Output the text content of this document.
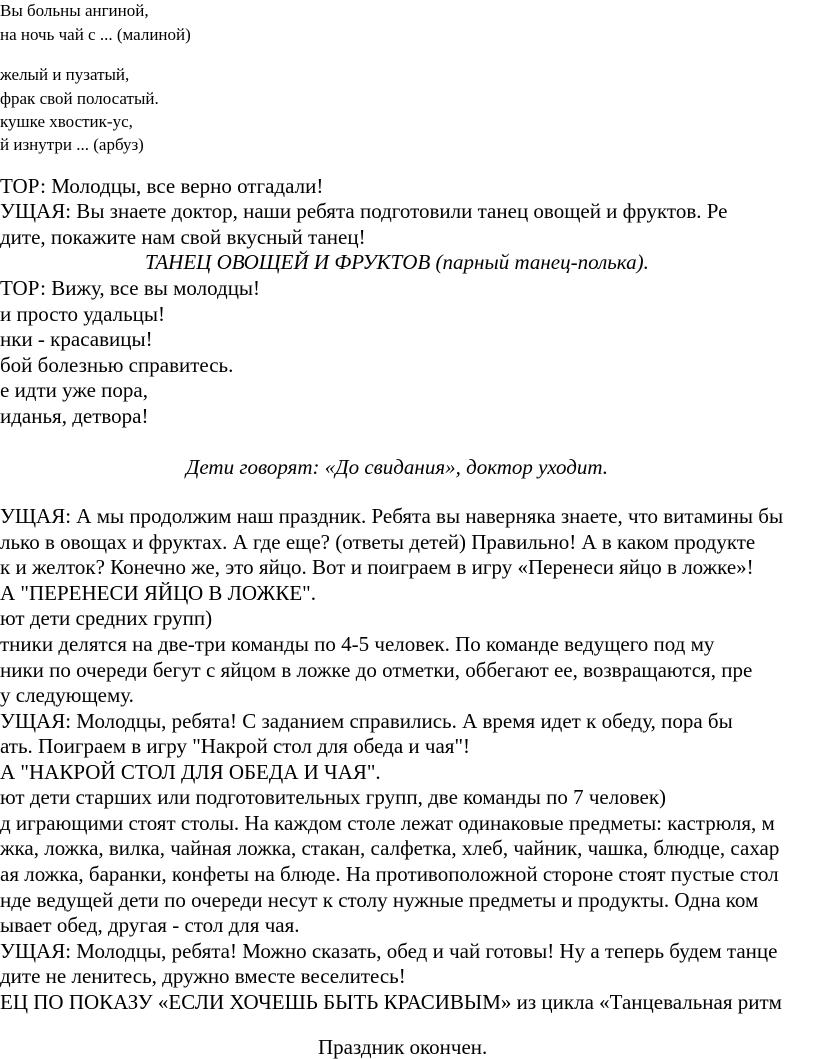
Вы больны ангиной,
на ночь чай с ... (малиной)
желый и пузатый,
фрак свой полосатый.
кушке хвостик-ус,
й изнутри ... (арбуз)
ТОР: Молодцы, все верно отгадали!
УЩАЯ: Вы знаете доктор, наши ребята подготовили танец овощей и фруктов. Ре
дите, покажите нам свой вкусный танец!
ТАНЕЦ ОВОЩЕЙ И ФРУКТОВ (парный танец-полька).
ТОР: Вижу, все вы молодцы!
и просто удальцы!
нки - красавицы!
бой болезнью справитесь.
е идти уже пора,
иданья, детвора!
Дети говорят: «До свидания», доктор уходит.
УЩАЯ: А мы продолжим наш праздник. Ребята вы наверняка знаете, что витамины бы
лько в овощах и фруктах. А где еще? (ответы детей) Правильно! А в каком продукте
к и желток? Конечно же, это яйцо. Вот и поиграем в игру «Перенеси яйцо в ложке»!
А "ПЕРЕНЕСИ ЯЙЦО В ЛОЖКЕ".
ют дети средних групп)
тники делятся на две-три команды по 4-5 человек. По команде ведущего под му
ники по очереди бегут с яйцом в ложке до отметки, оббегают ее, возвращаются, пре
у следующему.
УЩАЯ: Молодцы, ребята! С заданием справились. А время идет к обеду, пора бы
ать. Поиграем в игру "Накрой стол для обеда и чая"!
А "НАКРОЙ СТОЛ ДЛЯ ОБЕДА И ЧАЯ".
ют дети старших или подготовительных групп, две команды по 7 человек)
д играющими стоят столы. На каждом столе лежат одинаковые предметы: кастрюля, м
жка, ложка, вилка, чайная ложка, стакан, салфетка, хлеб, чайник, чашка, блюдце, сахар
ая ложка, баранки, конфеты на блюде. На противоположной стороне стоят пустые стол
нде ведущей дети по очереди несут к столу нужные предметы и продукты. Одна ком
ывает обед, другая - стол для чая.
УЩАЯ: Молодцы, ребята! Можно сказать, обед и чай готовы! Ну а теперь будем танце
дите не ленитесь, дружно вместе веселитесь!
ЕЦ ПО ПОКАЗУ «ЕСЛИ ХОЧЕШЬ БЫТЬ КРАСИВЫМ» из цикла «Танцевальная ритм
Праздник окончен.
